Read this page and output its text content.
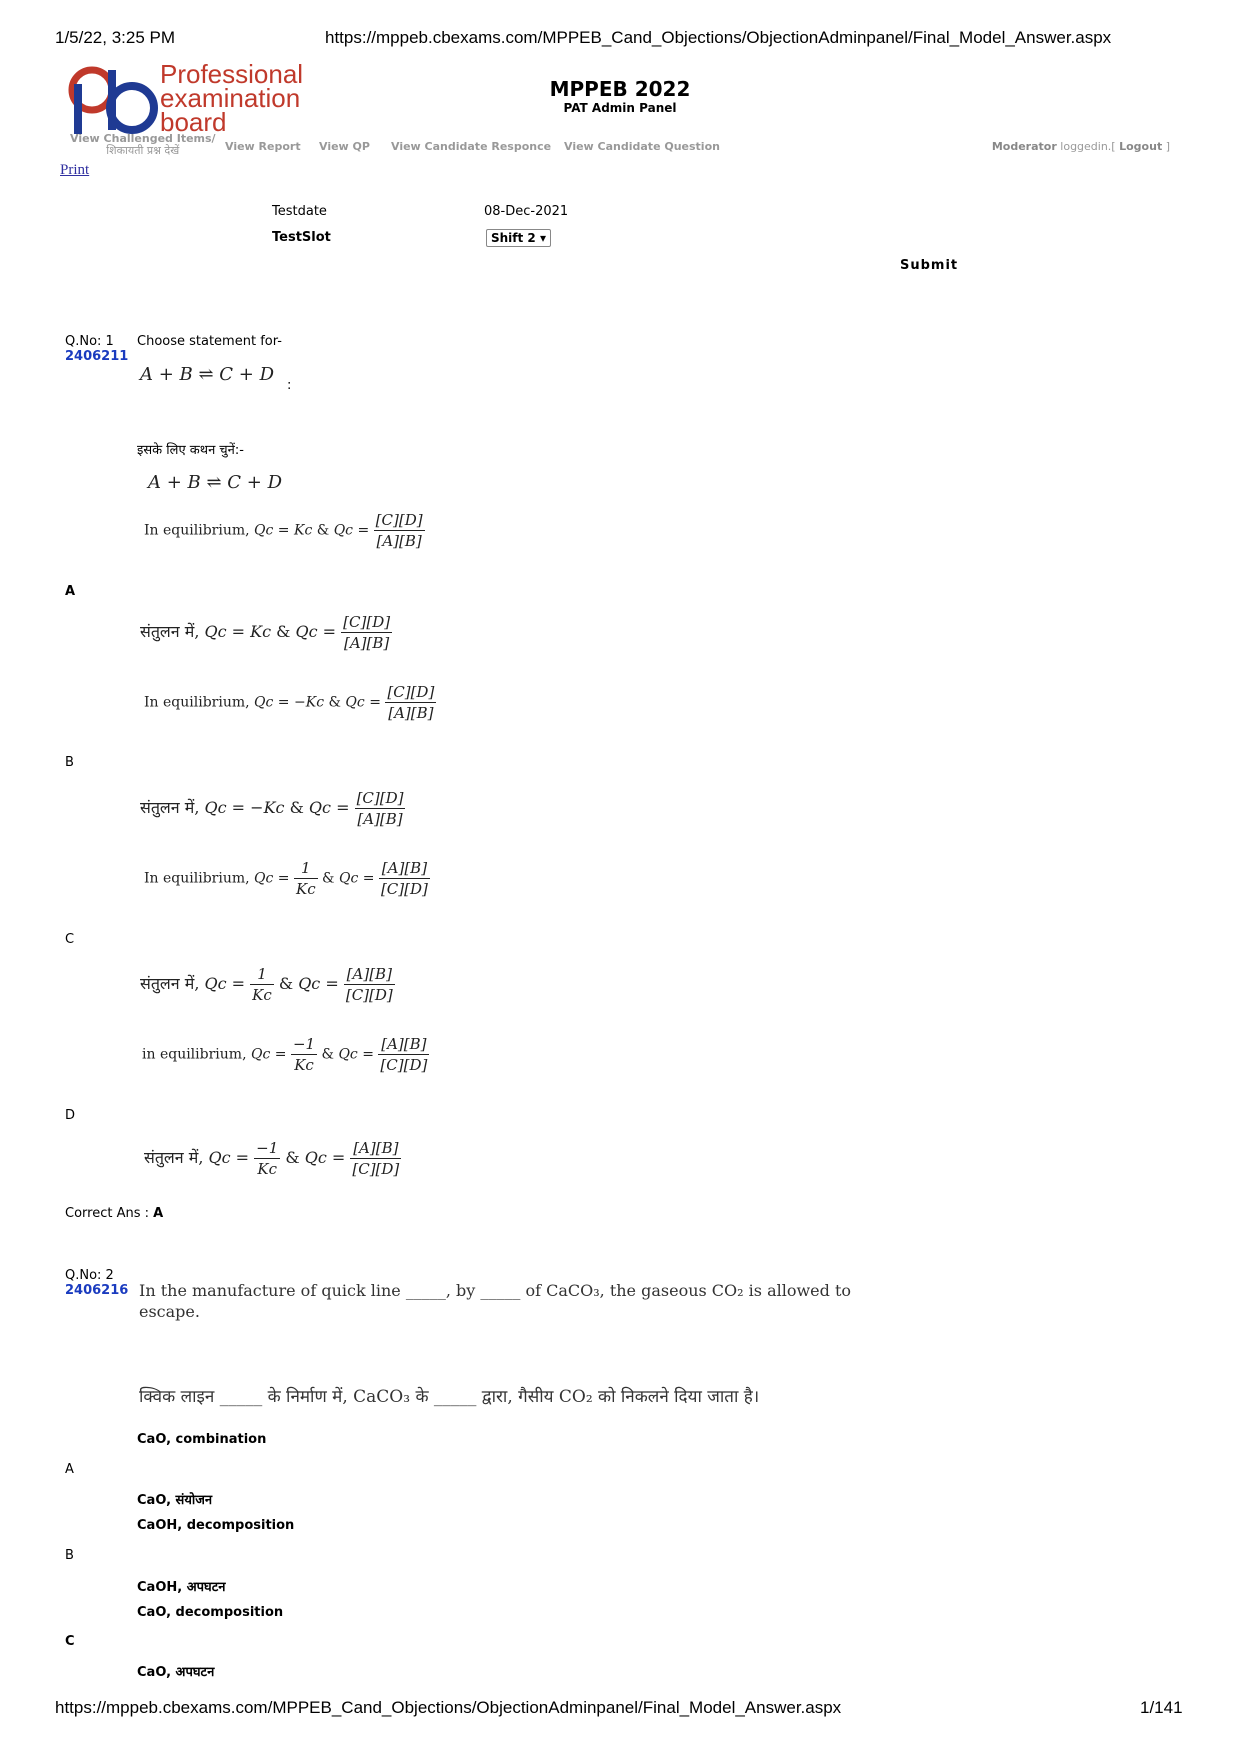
1/5/22, 3:25 PM	https://mppeb.cbexams.com/MPPEB_Cand_Objections/ObjectionAdminpanel/Final_Model_Answer.aspx
Professional
examination
board
MPPEB 2022
PAT Admin Panel
View Challenged Items/
शिकायती प्रश्न देखें	View Report View QP View Candidate Responce View Candidate Question	Moderator loggedin.[ Logout ]
Print
Testdate	08-Dec-2021
TestSlot	Shift 2 ▾
Submit
Q.No: 1
2406211
Choose statement for-
A + B ⇌ C + D
:
इसके लिए कथन चुनें:-
A + B ⇌ C + D
In equilibrium, Qc = Kc & $Qc = \frac{[C][D]}{[A][B]}$
A
संतुलन में, Qc = Kc & $Qc = \frac{[C][D]}{[A][B]}$
In equilibrium, Qc = −Kc & $Qc = \frac{[C][D]}{[A][B]}$
B
संतुलन में, Qc = −Kc & $Qc = \frac{[C][D]}{[A][B]}$
In equilibrium, $Qc = \frac{1}{Kc}$ & $Qc = \frac{[A][B]}{[C][D]}$
C
संतुलन में, $Qc = \frac{1}{Kc}$ & $Qc = \frac{[A][B]}{[C][D]}$
in equilibrium, $Qc = \frac{-1}{Kc}$ & $Qc = \frac{[A][B]}{[C][D]}$
D
संतुलन में, $Qc = \frac{-1}{Kc}$ & $Qc = \frac{[A][B]}{[C][D]}$
Correct Ans : A
Q.No: 2
2406216 In the manufacture of quick line _____, by _____ of CaCO₃, the gaseous CO₂ is allowed to
escape.
क्विक लाइन _____ के निर्माण में, CaCO₃ के _____ द्वारा, गैसीय CO₂ को निकलने दिया जाता है।
CaO, combination
A
CaO, संयोजन
CaOH, decomposition
B
CaOH, अपघटन
CaO, decomposition
C
CaO, अपघटन
https://mppeb.cbexams.com/MPPEB_Cand_Objections/ObjectionAdminpanel/Final_Model_Answer.aspx	1/141
